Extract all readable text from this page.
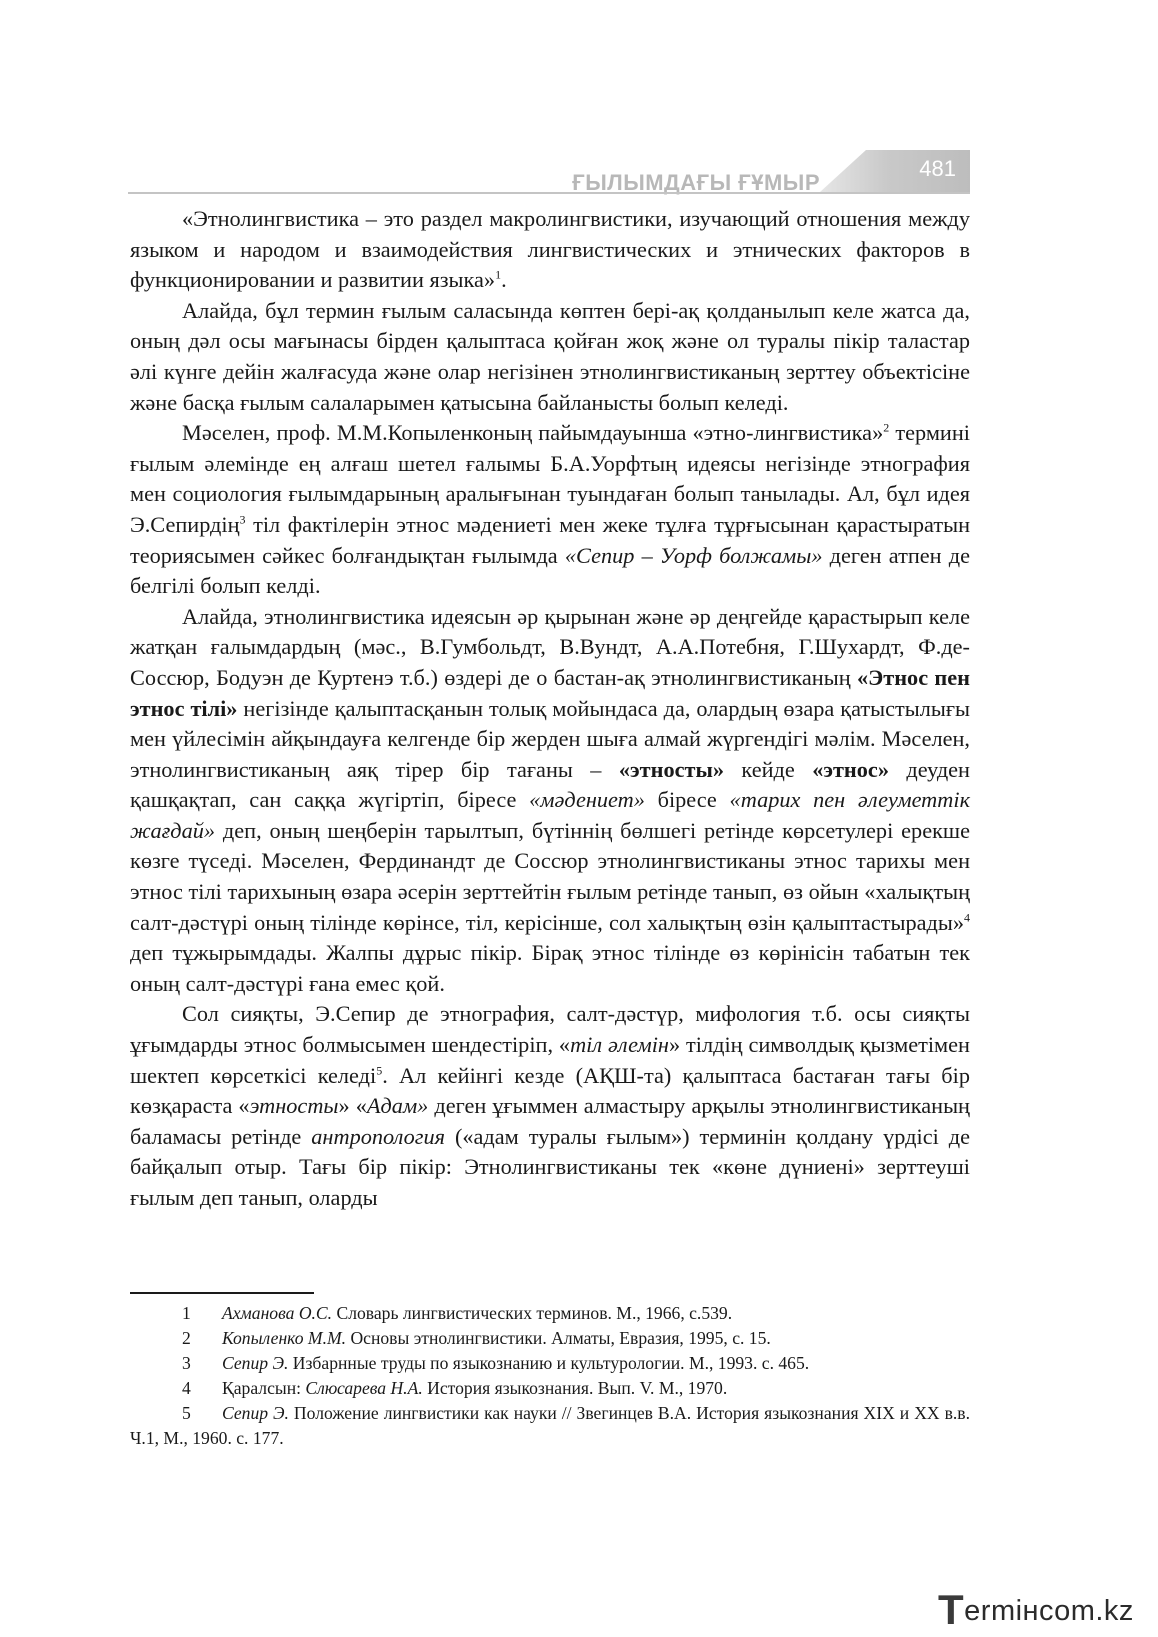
ҒЫЛЫМДАҒЫ ҒҰМЫР
481

«Этнолингвистика – это раздел макролингвистики, изучающий отношения между языком и народом и взаимодействия лингвистических и этнических факторов в функционировании и развитии языка»$^1$.

Алайда, бұл термин ғылым саласында көптен бері-ақ қолданылып келе жатса да, оның дәл осы мағынасы бірден қалыптаса қойған жоқ және ол туралы пікір таластар әлі күнге дейін жалғасуда және олар негізінен этнолингвистиканың зерттеу объектісіне және басқа ғылым салаларымен қатысына байланысты болып келеді.

Мәселен, проф. М.М.Копыленконың пайымдауынша «этно-лингвистика»$^2$ термині ғылым әлемінде ең алғаш шетел ғалымы Б.А.Уорфтың идеясы негізінде этнография мен социология ғылымдарының аралығынан туындаған болып танылады. Ал, бұл идея Э.Сепирдің$^3$ тіл фактілерін этнос мәдениеті мен жеке тұлға тұрғысынан қарастыратын теориясымен сәйкес болғандықтан ғылымда «Сепир – Уорф болжамы» деген атпен де белгілі болып келді.

Алайда, этнолингвистика идеясын әр қырынан және әр деңгейде қарастырып келе жатқан ғалымдардың (мәс., В.Гумбольдт, В.Вундт, А.А.Потебня, Г.Шухардт, Ф.де-Соссюр, Бодуэн де Куртенэ т.б.) өздері де о бастан-ақ этнолингвистиканың «Этнос пен этнос тілі» негізінде қалыптасқанын толық мойындаса да, олардың өзара қатыстылығы мен үйлесімін айқындауға келгенде бір жерден шыға алмай жүргендігі мәлім. Мәселен, этнолингвистиканың аяқ тірер бір тағаны – «этносты» кейде «этнос» деуден қашқақтап, сан саққа жүгіртіп, біресе «мәдениет» біресе «тарих пен әлеуметтік жағдай» деп, оның шеңберін тарылтып, бүтіннің бөлшегі ретінде көрсетулері ерекше көзге түседі. Мәселен, Фердинандт де Соссюр этнолингвистиканы этнос тарихы мен этнос тілі тарихының өзара әсерін зерттейтін ғылым ретінде танып, өз ойын «халықтың салт-дәстүрі оның тілінде көрінсе, тіл, керісінше, сол халықтың өзін қалыптастырады»$^4$ деп тұжырымдады. Жалпы дұрыс пікір. Бірақ этнос тілінде өз көрінісін табатын тек оның салт-дәстүрі ғана емес қой.

Сол сияқты, Э.Сепир де этнография, салт-дәстүр, мифология т.б. осы сияқты ұғымдарды этнос болмысымен шендестіріп, «тіл әлемін» тілдің символдық қызметімен шектеп көрсеткісі келеді$^5$. Ал кейінгі кезде (АҚШ-та) қалыптаса бастаған тағы бір көзқараста «этносты» «Адам» деген ұғыммен алмастыру арқылы этнолингвистиканың баламасы ретінде антропология («адам туралы ғылым») терминін қолдану үрдісі де байқалып отыр. Тағы бір пікір: Этнолингвистиканы тек «көне дүниені» зерттеуші ғылым деп танып, оларды

1 Ахманова О.С. Словарь лингвистических терминов. М., 1966, с.539.

2 Копыленко М.М. Основы этнолингвистики. Алматы, Евразия, 1995, с. 15.

3 Сепир Э. Избарнные труды по языкознанию и культурологии. М., 1993. с. 465.

4 Қаралсын: Слюсарева Н.А. История языкознания. Вып. V. М., 1970.

5 Сепир Э. Положение лингвистики как науки // Звегинцев В.А. История языкознания XIX и XX в.в. Ч.1, М., 1960. с. 177.

Termінcom.kz
